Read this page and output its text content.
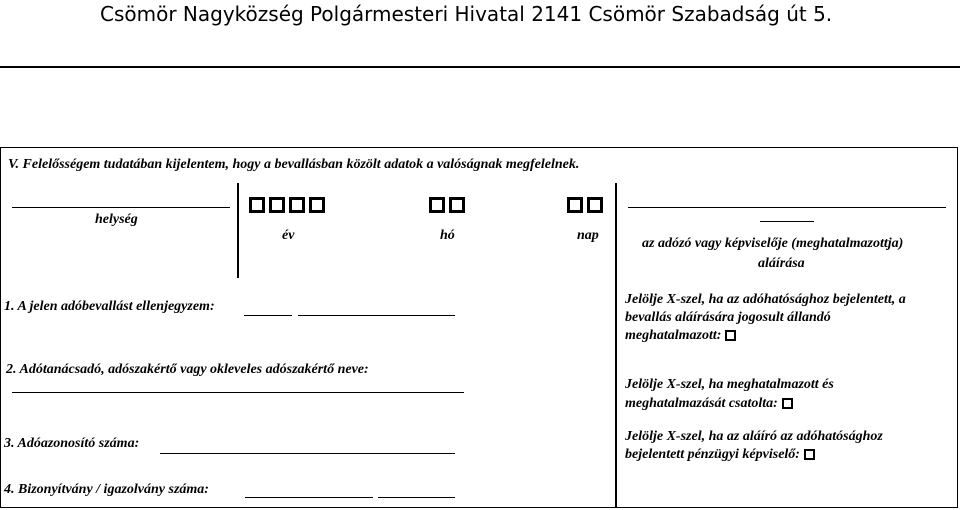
Csömör Nagyközség Polgármesteri Hivatal 2141 Csömör Szabadság út 5.
V. Felelősségem tudatában kijelentem, hogy a bevallásban közölt adatok a valóságnak megfelelnek.
helység
év	hó	nap
az adózó vagy képviselője (meghatalmazottja)
aláírása
1. A jelen adóbevallást ellenjegyzem:
2. Adótanácsadó, adószakértő vagy okleveles adószakértő neve:
3. Adóazonosító száma:
4. Bizonyítvány / igazolvány száma:
Jelölje X-szel, ha az adóhatósághoz bejelentett, a
bevallás aláírására jogosult állandó
meghatalmazott:
Jelölje X-szel, ha meghatalmazott és
meghatalmazását csatolta:
Jelölje X-szel, ha az aláíró az adóhatósághoz
bejelentett pénzügyi képviselő:
